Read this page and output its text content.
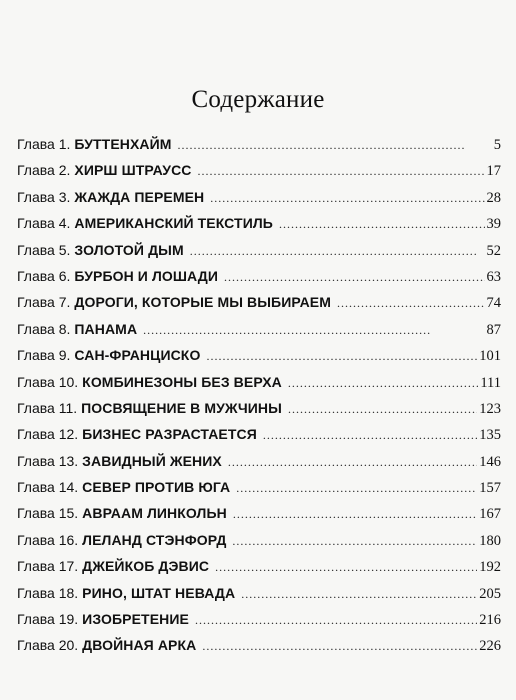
Содержание
Глава 1. БУТТЕНХАЙМ . . .	5
Глава 2. ХИРШ ШТРАУСС . . .	17
Глава 3. ЖАЖДА ПЕРЕМЕН . . .	28
Глава 4. АМЕРИКАНСКИЙ ТЕКСТИЛЬ . . .	39
Глава 5. ЗОЛОТОЙ ДЫМ . . .	52
Глава 6. БУРБОН И ЛОШАДИ . . .	63
Глава 7. ДОРОГИ, КОТОРЫЕ МЫ ВЫБИРАЕМ . . .	74
Глава 8. ПАНАМА . . .	87
Глава 9. САН-ФРАНЦИСКО . . .	101
Глава 10. КОМБИНЕЗОНЫ БЕЗ ВЕРХА . . .	111
Глава 11. ПОСВЯЩЕНИЕ В МУЖЧИНЫ . . .	123
Глава 12. БИЗНЕС РАЗРАСТАЕТСЯ . . .	135
Глава 13. ЗАВИДНЫЙ ЖЕНИХ . . .	146
Глава 14. СЕВЕР ПРОТИВ ЮГА . . .	157
Глава 15. АВРААМ ЛИНКОЛЬН . . .	167
Глава 16. ЛЕЛАНД СТЭНФОРД . . .	180
Глава 17. ДЖЕЙКОБ ДЭВИС . . .	192
Глава 18. РИНО, ШТАТ НЕВАДА . . .	205
Глава 19. ИЗОБРЕТЕНИЕ . . .	216
Глава 20. ДВОЙНАЯ АРКА . . .	226
